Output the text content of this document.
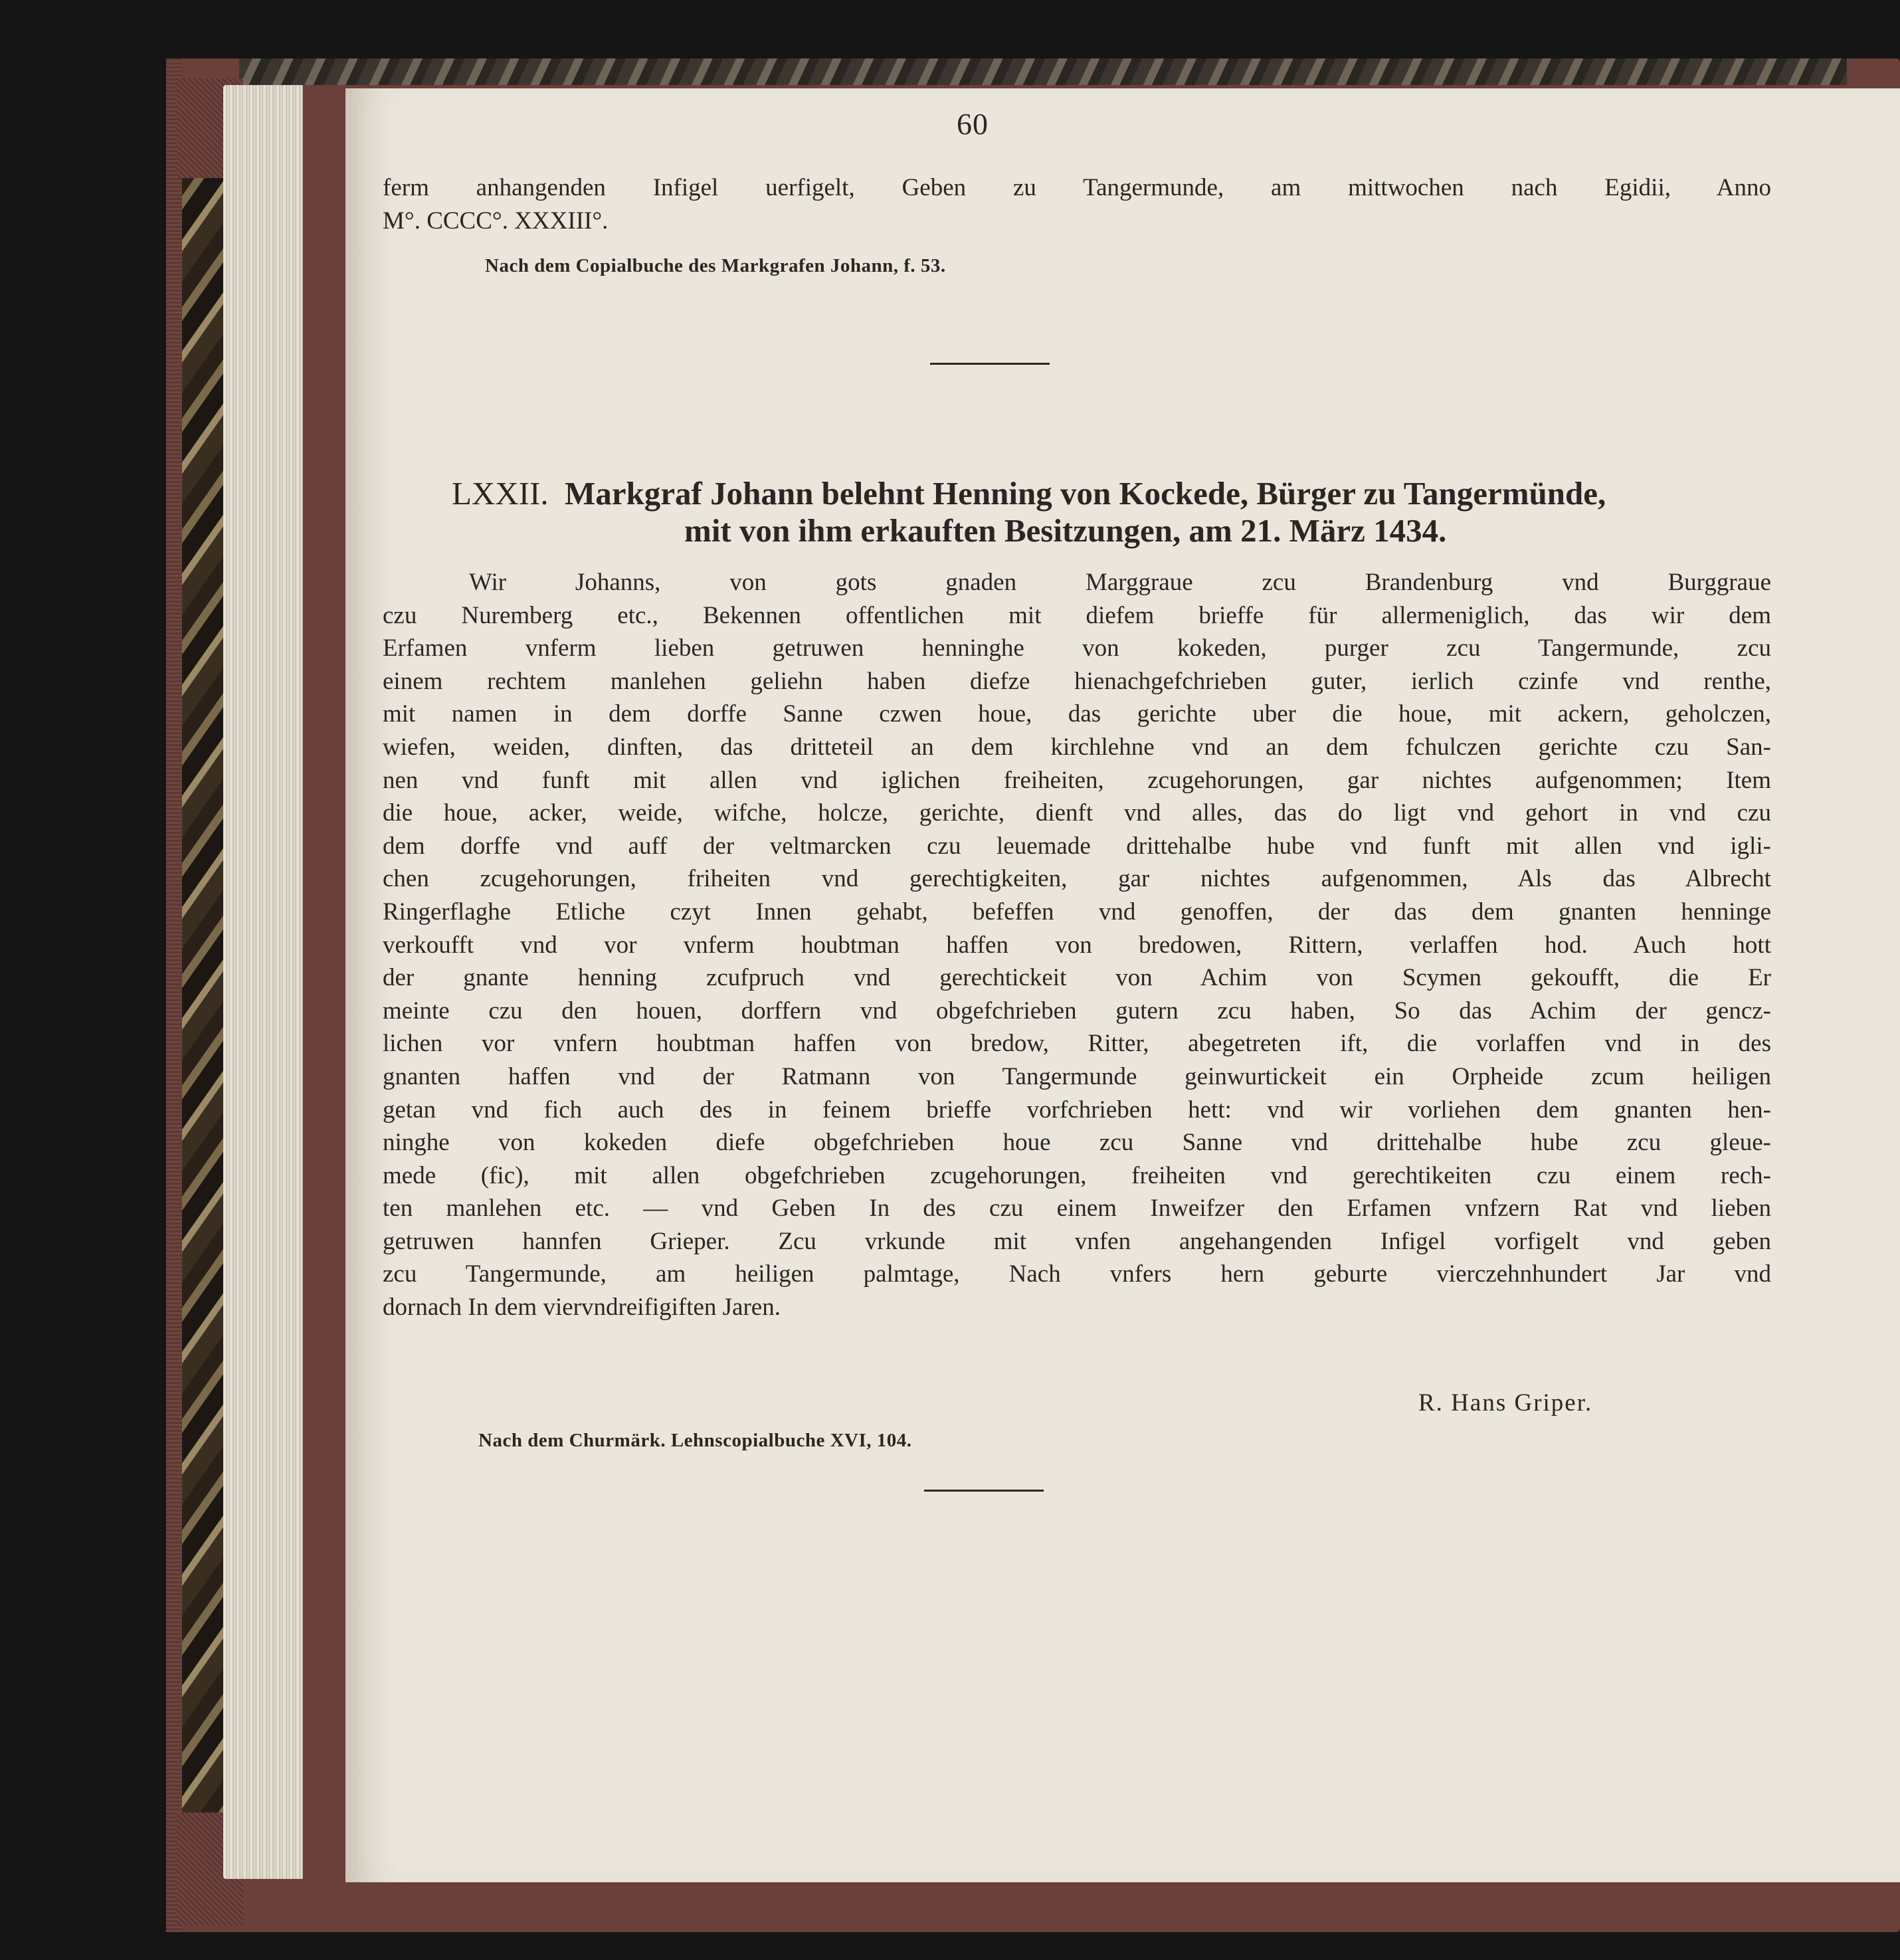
60
ferm anhangenden Infigel uerfigelt, Geben zu Tangermunde, am mittwochen nach Egidii, Anno
M°. CCCC°. XXXIII°.
Nach dem Copialbuche des Markgrafen Johann, f. 53.
LXXII. Markgraf Johann belehnt Henning von Kockede, Bürger zu Tangermünde,
mit von ihm erkauften Besitzungen, am 21. März 1434.
Wir Johanns, von gots gnaden Marggraue zcu Brandenburg vnd Burggraue
czu Nuremberg etc., Bekennen offentlichen mit diefem brieffe für allermeniglich, das wir dem
Erfamen vnferm lieben getruwen henninghe von kokeden, purger zcu Tangermunde, zcu
einem rechtem manlehen geliehn haben diefze hienachgefchrieben guter, ierlich czinfe vnd renthe,
mit namen in dem dorffe Sanne czwen houe, das gerichte uber die houe, mit ackern, geholczen,
wiefen, weiden, dinften, das dritteteil an dem kirchlehne vnd an dem fchulczen gerichte czu San-
nen vnd funft mit allen vnd iglichen freiheiten, zcugehorungen, gar nichtes aufgenommen; Item
die houe, acker, weide, wifche, holcze, gerichte, dienft vnd alles, das do ligt vnd gehort in vnd czu
dem dorffe vnd auff der veltmarcken czu leuemade drittehalbe hube vnd funft mit allen vnd igli-
chen zcugehorungen, friheiten vnd gerechtigkeiten, gar nichtes aufgenommen, Als das Albrecht
Ringerflaghe Etliche czyt Innen gehabt, befeffen vnd genoffen, der das dem gnanten henninge
verkoufft vnd vor vnferm houbtman haffen von bredowen, Rittern, verlaffen hod. Auch hott
der gnante henning zcufpruch vnd gerechtickeit von Achim von Scymen gekoufft, die Er
meinte czu den houen, dorffern vnd obgefchrieben gutern zcu haben, So das Achim der gencz-
lichen vor vnfern houbtman haffen von bredow, Ritter, abegetreten ift, die vorlaffen vnd in des
gnanten haffen vnd der Ratmann von Tangermunde geinwurtickeit ein Orpheide zcum heiligen
getan vnd fich auch des in feinem brieffe vorfchrieben hett: vnd wir vorliehen dem gnanten hen-
ninghe von kokeden diefe obgefchrieben houe zcu Sanne vnd drittehalbe hube zcu gleue-
mede (fic), mit allen obgefchrieben zcugehorungen, freiheiten vnd gerechtikeiten czu einem rech-
ten manlehen etc. — vnd Geben In des czu einem Inweifzer den Erfamen vnfzern Rat vnd lieben
getruwen hannfen Grieper. Zcu vrkunde mit vnfen angehangenden Infigel vorfigelt vnd geben
zcu Tangermunde, am heiligen palmtage, Nach vnfers hern geburte vierczehnhundert Jar vnd
dornach In dem viervndreifigiften Jaren.
R. Hans Griper.
Nach dem Churmärk. Lehnscopialbuche XVI, 104.
